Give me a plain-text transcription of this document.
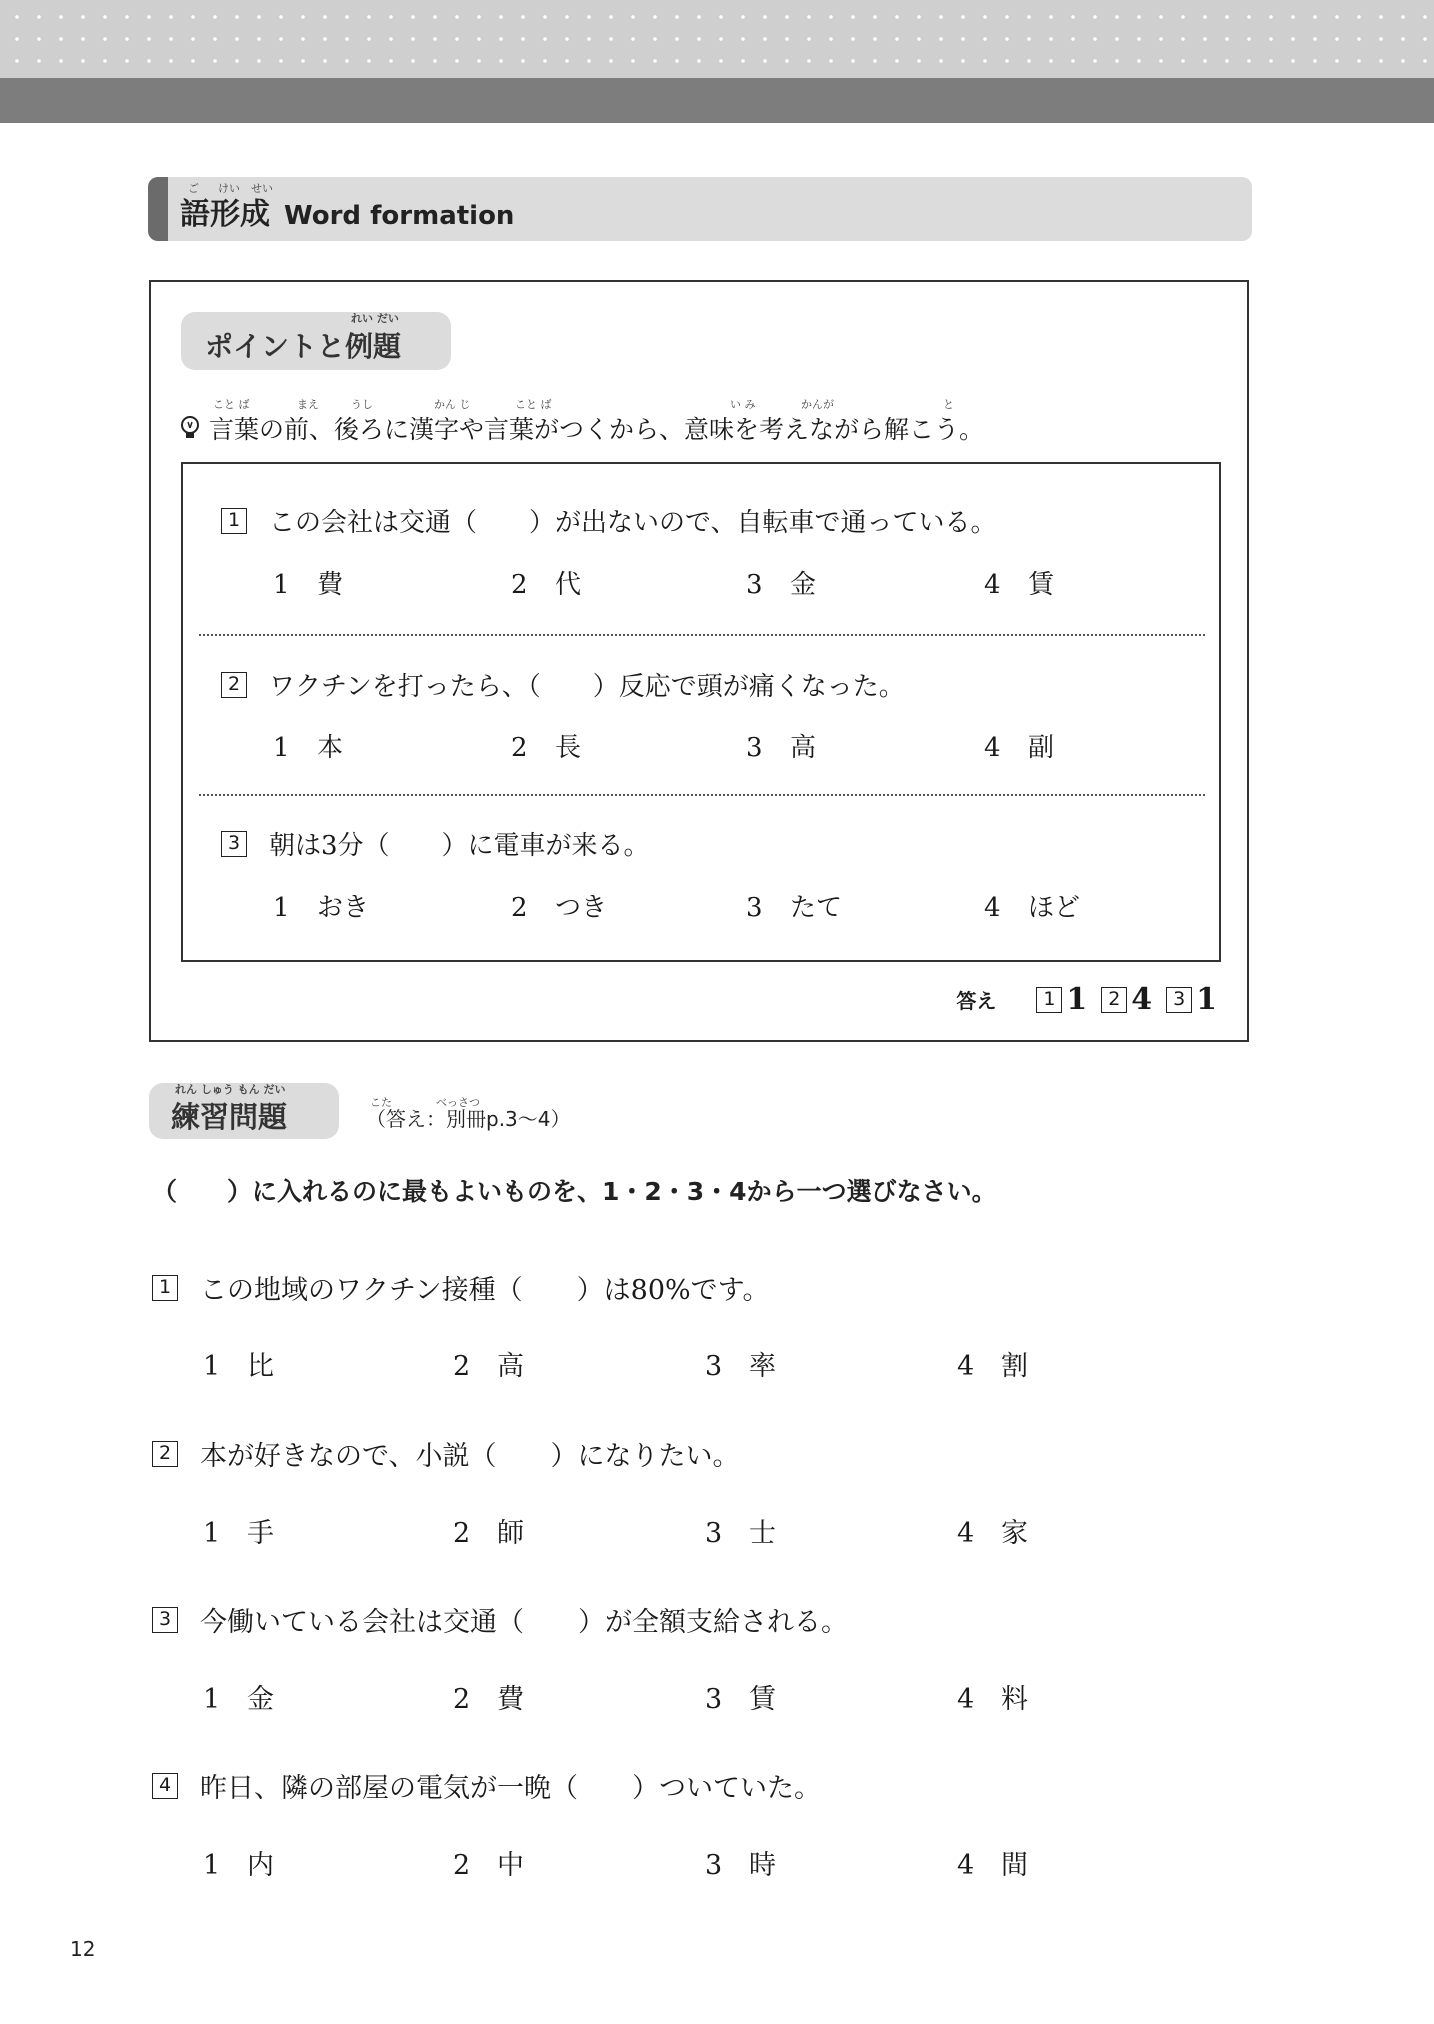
ご けい せい
語形成 Word formation
れい だい
ポイントと例題
こと ば	まえ	うし	かん じ	こと ば	い み	かんが	と
言葉の前、後ろに漢字や言葉がつくから、意味を考えながら解こう。
1 この会社は交通（　　）が出ないので、自転車で通っている。
1 費	2 代	3 金	4 賃
2 ワクチンを打ったら、（　　）反応で頭が痛くなった。
1 本	2 長	3 高	4 副
3 朝は3分（　　）に電車が来る。
1 おき	2 つき	3 たて	4 ほど
答え	1 1	2 4	3 1
れん しゅう もん だい
練習問題	こた	べっさつ
（答え：別冊p.3～4）
（　　）に入れるのに最もよいものを、1・2・3・4から一つ選びなさい。
1 この地域のワクチン接種（　　）は80%です。
1 比	2 高	3 率	4 割
2 本が好きなので、小説（　　）になりたい。
1 手	2 師	3 士	4 家
3 今働いている会社は交通（　　）が全額支給される。
1 金	2 費	3 賃	4 料
4 昨日、隣の部屋の電気が一晩（　　）ついていた。
1 内	2 中	3 時	4 間
12
